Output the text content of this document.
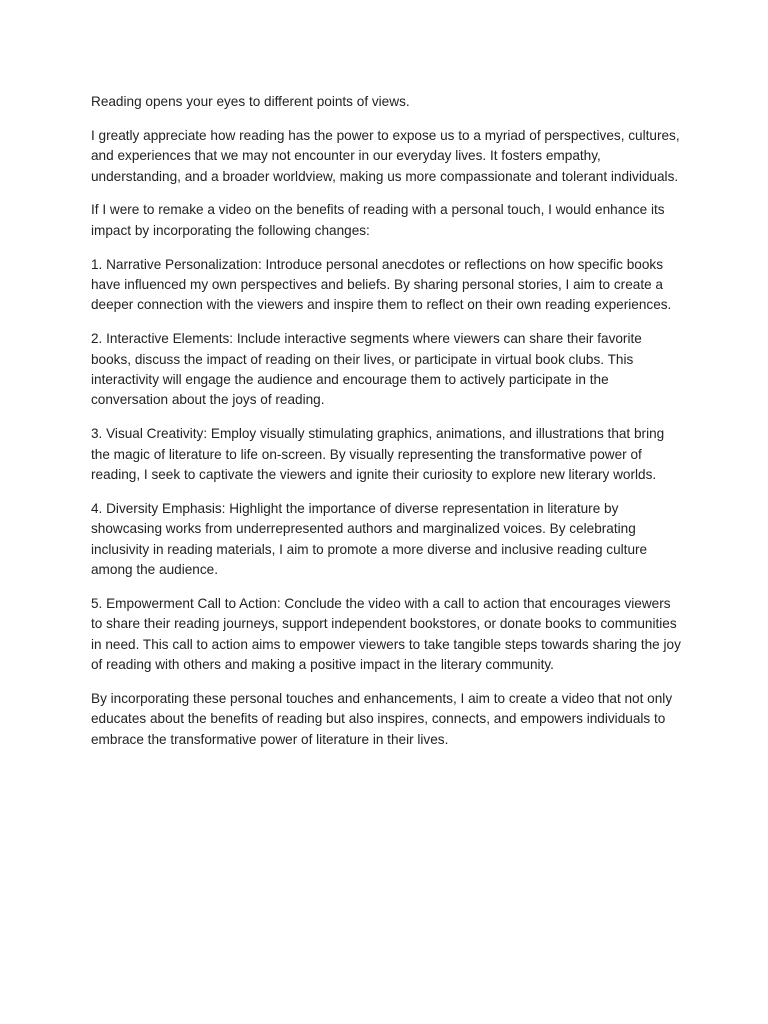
Reading opens your eyes to different points of views.

I greatly appreciate how reading has the power to expose us to a myriad of perspectives, cultures, and experiences that we may not encounter in our everyday lives. It fosters empathy, understanding, and a broader worldview, making us more compassionate and tolerant individuals.

If I were to remake a video on the benefits of reading with a personal touch, I would enhance its impact by incorporating the following changes:

1. Narrative Personalization: Introduce personal anecdotes or reflections on how specific books have influenced my own perspectives and beliefs. By sharing personal stories, I aim to create a deeper connection with the viewers and inspire them to reflect on their own reading experiences.

2. Interactive Elements: Include interactive segments where viewers can share their favorite books, discuss the impact of reading on their lives, or participate in virtual book clubs. This interactivity will engage the audience and encourage them to actively participate in the conversation about the joys of reading.

3. Visual Creativity: Employ visually stimulating graphics, animations, and illustrations that bring the magic of literature to life on-screen. By visually representing the transformative power of reading, I seek to captivate the viewers and ignite their curiosity to explore new literary worlds.

4. Diversity Emphasis: Highlight the importance of diverse representation in literature by showcasing works from underrepresented authors and marginalized voices. By celebrating inclusivity in reading materials, I aim to promote a more diverse and inclusive reading culture among the audience.

5. Empowerment Call to Action: Conclude the video with a call to action that encourages viewers to share their reading journeys, support independent bookstores, or donate books to communities in need. This call to action aims to empower viewers to take tangible steps towards sharing the joy of reading with others and making a positive impact in the literary community.

By incorporating these personal touches and enhancements, I aim to create a video that not only educates about the benefits of reading but also inspires, connects, and empowers individuals to embrace the transformative power of literature in their lives.
